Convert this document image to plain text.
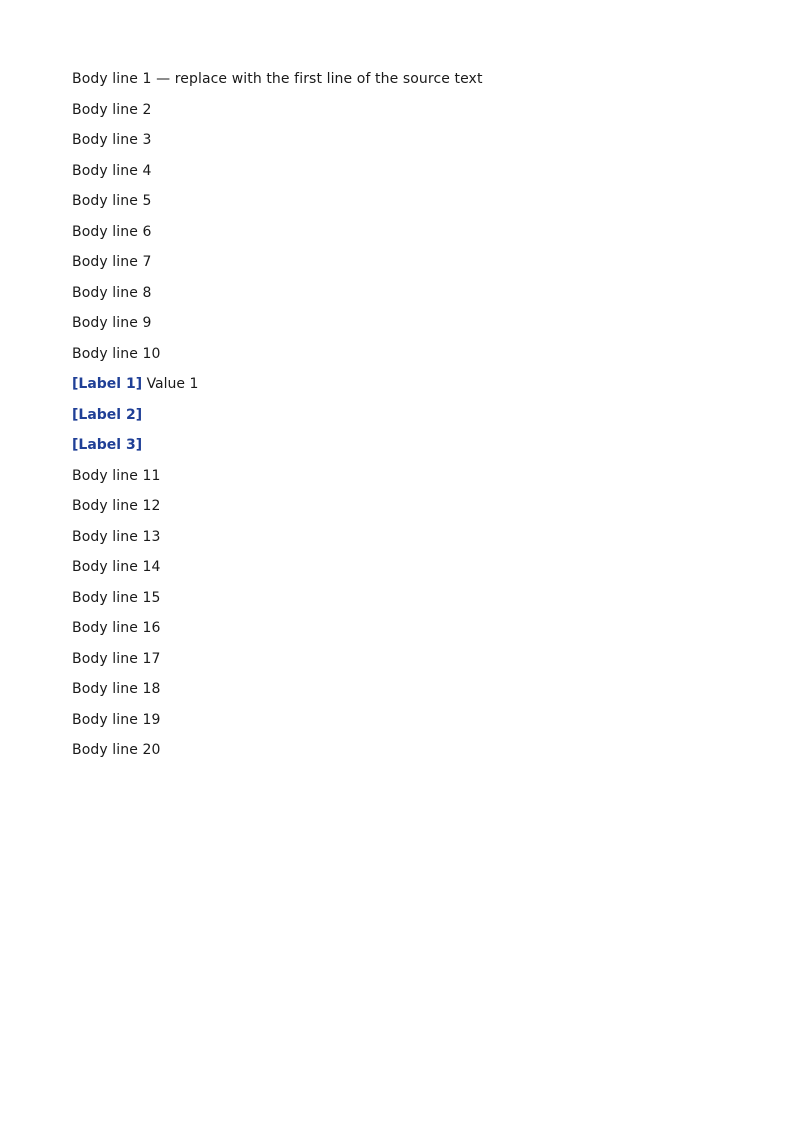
Body line 1 — replace with the first line of the source text
Body line 2
Body line 3
Body line 4
Body line 5
Body line 6
Body line 7
Body line 8
Body line 9
Body line 10
[Label 1] Value 1
[Label 2]
[Label 3]
Body line 11
Body line 12
Body line 13
Body line 14
Body line 15
Body line 16
Body line 17
Body line 18
Body line 19
Body line 20
